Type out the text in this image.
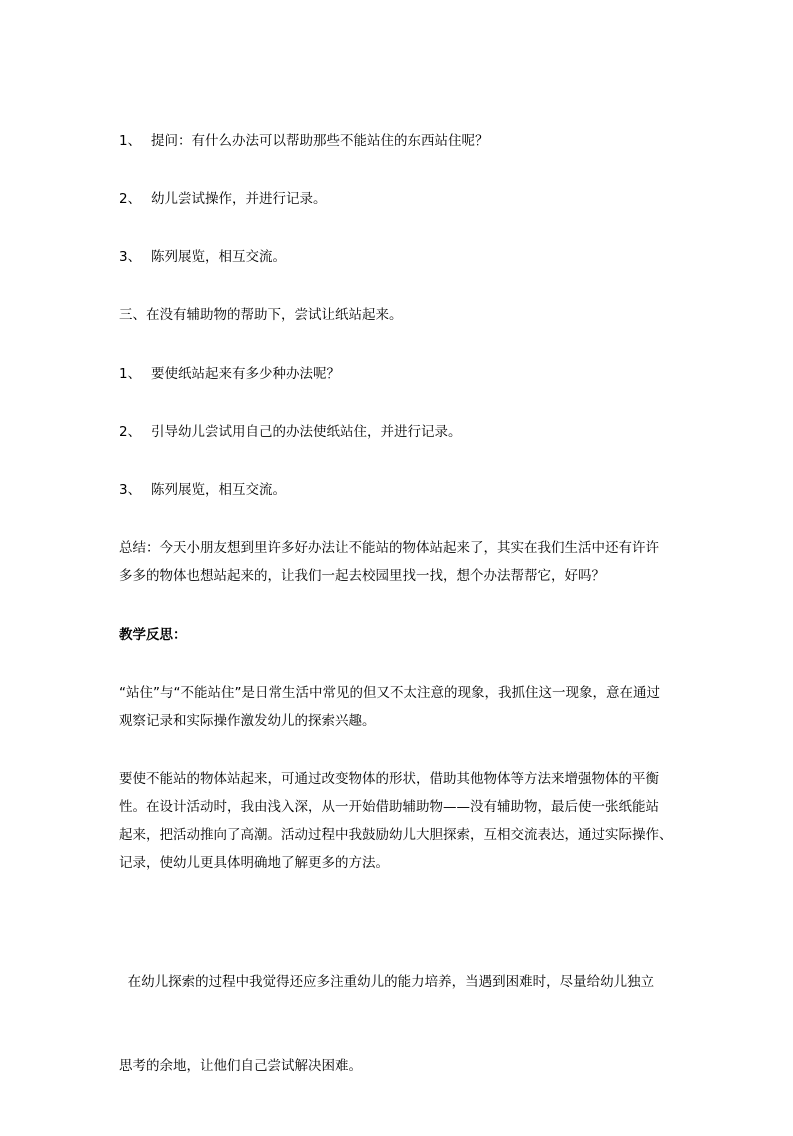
1、 提问：有什么办法可以帮助那些不能站住的东西站住呢？
2、 幼儿尝试操作，并进行记录。
3、 陈列展览，相互交流。
三、在没有辅助物的帮助下，尝试让纸站起来。
1、 要使纸站起来有多少种办法呢？
2、 引导幼儿尝试用自己的办法使纸站住，并进行记录。
3、 陈列展览，相互交流。
总结：今天小朋友想到里许多好办法让不能站的物体站起来了，其实在我们生活中还有许许
多多的物体也想站起来的，让我们一起去校园里找一找，想个办法帮帮它，好吗？
教学反思：
“站住”与“不能站住”是日常生活中常见的但又不太注意的现象，我抓住这一现象，意在通过
观察记录和实际操作激发幼儿的探索兴趣。
要使不能站的物体站起来，可通过改变物体的形状，借助其他物体等方法来增强物体的平衡
性。在设计活动时，我由浅入深，从一开始借助辅助物——没有辅助物，最后使一张纸能站
起来，把活动推向了高潮。活动过程中我鼓励幼儿大胆探索，互相交流表达，通过实际操作、
记录，使幼儿更具体明确地了解更多的方法。

在幼儿探索的过程中我觉得还应多注重幼儿的能力培养，当遇到困难时，尽量给幼儿独立

思考的余地，让他们自己尝试解决困难。
